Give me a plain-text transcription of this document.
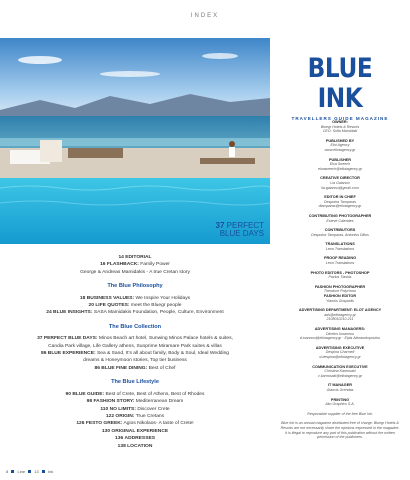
INDEX
37 PERFECT
BLUE DAYS
14 EDITORIAL
16 FLASHBACK: Family Power
George & Andreas Mamidakis - A true Cretan story
The Blue Philosophy
18 BUSINESS VALUES: We Inspire Your Holidays
20 LIFE QUOTES: meet the Bluegr people
24 BLUE INSIGHTS: SASA Mamidakis Foundation, People, Culture, Environment
The Blue Collection
37 PERFECT BLUE DAYS: Minos Beach art hotel, Sunwing Minos Palace hotels & suites,
Candia Park village, Life Gallery athens, Sunprime Miramare Park suites & villas
86 BLUE EXPERIENCE: Sea & Sand, It's all about family, Body & Soul, Ideal Wedding
dreams & Honeymoon stories, Top tier business
86 BLUE FINE DINING: Best of Chef
The Blue Lifestyle
90 BLUE GUIDE: Best of Crete, Best of Athens, Best of Rhodes
98 FASHION STORY: Mediterranean Dream
110 NO LIMITS: Discover Crete
122 ORIGIN: True Cretans
126 FESTO GREEK: Agios Nikolaos- A taste of Crete!
130 ORIGINAL EXPERIENCE
136 ADDRESSES
138 LOCATION
BLUE INK
TRAVELLERS GUIDE MAGAZINE
OWNER:
Bluegr Hotels & Resorts
CEO: Sofia Mamidaki
PUBLISHED BY
Elot Agency
www.eliotagency.gr
PUBLISHER
Elva Sneech
elvasneech@eliotagency.gr
CREATIVE DIRECTOR
Lia Galanou
lia.galanou@gmail.com
EDITOR IN CHIEF
Despoina Tamparas
dtamparas@eliotagency.gr
CONTRIBUTING PHOTOGRAPHER
Esteve Calendes
CONTRIBUTORS
Despoina Tamparas, Antonios Dillos
TRANSLATIONS
Leon Translations
PROOF READING
Leon Translations
PHOTO EDITORS - PHOTOSHOP
Pavlos Tiaskis
FASHION PHOTOGRAPHER
Theodore Polychrou
FASHION EDITOR
Yiannis Gospodis
ADVERTISING DEPARTMENT: ELOT AGENCY
ads@eliotagency.gr
2108010210-211
ADVERTISING MANAGERS:
Dimitris Ionannou
d.ioannou@eliotagency.gr · Elpis Alexandropoulou
ADVERTISING EXECUTIVE
Despina Charmeli
d.despina@eliotagency.gr
COMMUNICATION EXECUTIVE
Christina Karnosaki
c.karnosaki@eliotagency.gr
IT MANAGER
Gianvis Grendas
PRINTING
Ako Graphics S.A.
Responsible supplier of the free Blue Ink:
Blue Ink is an annual magazine distributed free of charge. Bluegr Hotels & Resorts are not necessarily share the opinions expressed in the magazine. It is illegal to reproduce any part of this publication without the written permission of the publishers.
8 Line 13 Ink
